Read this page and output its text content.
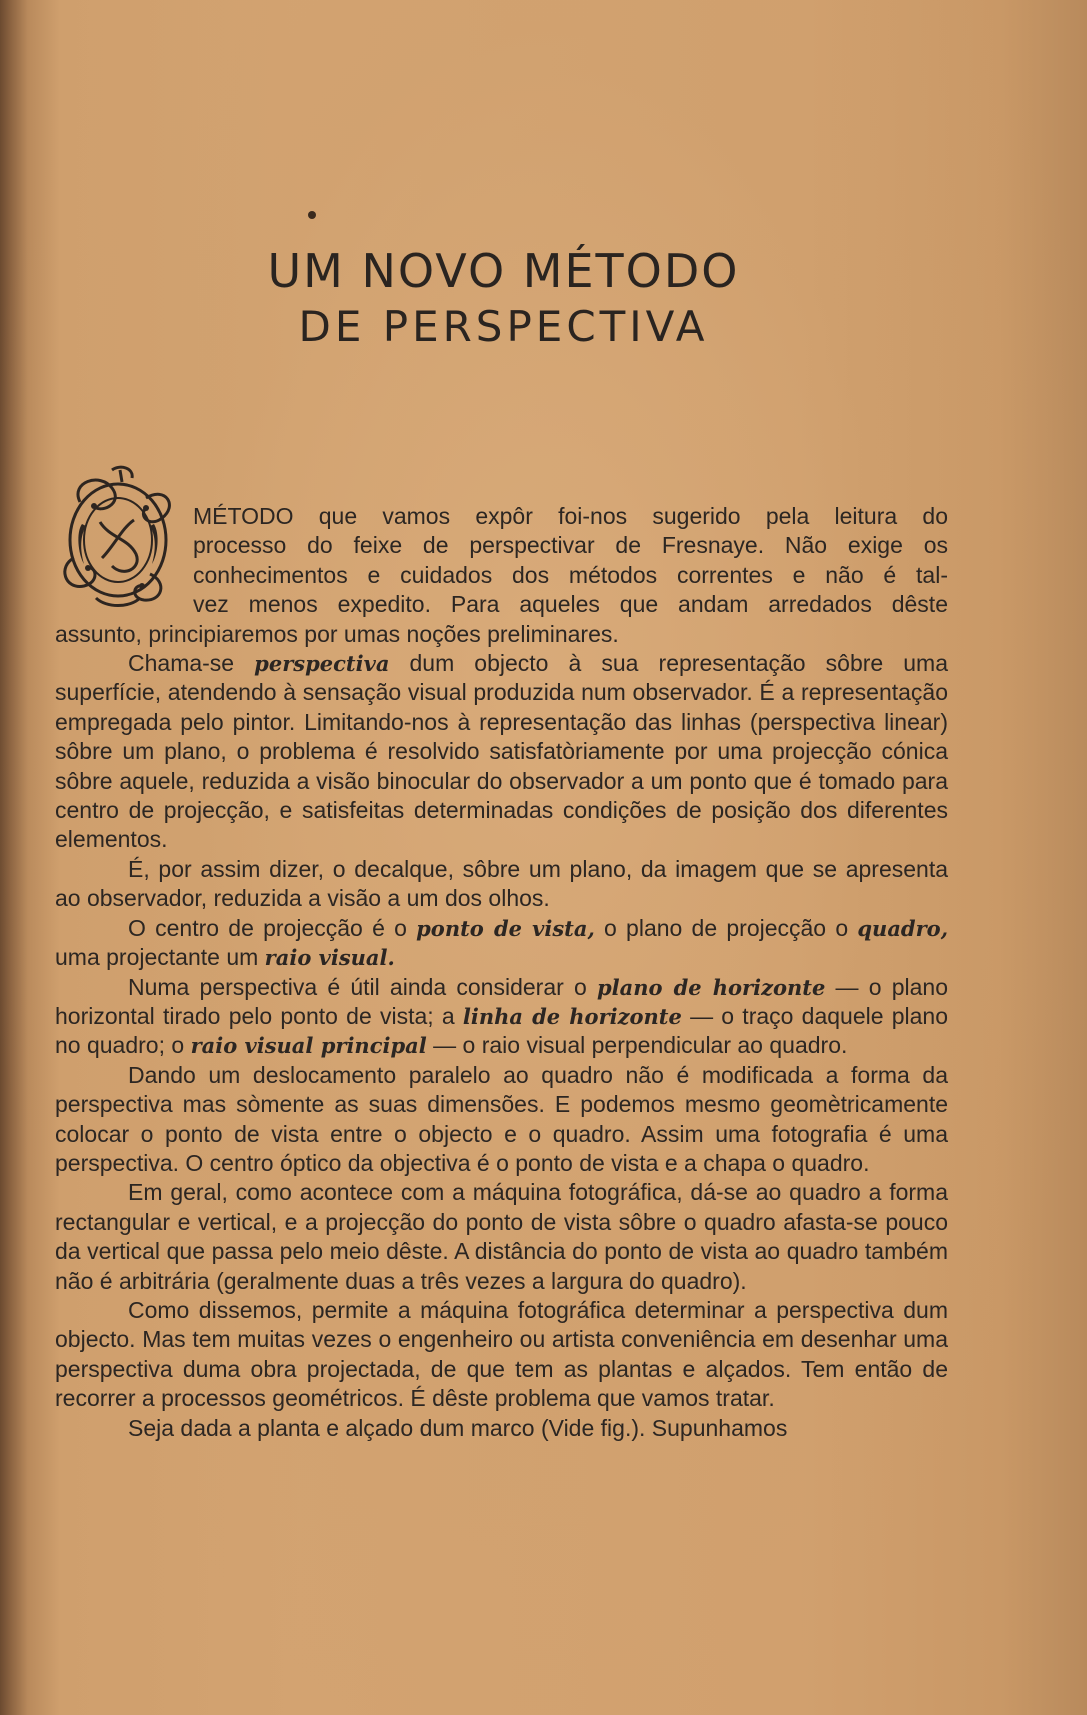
UM NOVO MÉTODO
DE PERSPECTIVA

MÉTODO que vamos expôr foi-nos sugerido pela leitura do
processo do feixe de perspectivar de Fresnaye. Não exige os
conhecimentos e cuidados dos métodos correntes e não é tal-
vez menos expedito. Para aqueles que andam arredados dêste
assunto, principiaremos por umas noções preliminares.

Chama-se perspectiva dum objecto à sua representação sôbre uma superfície, atendendo à sensação visual produzida num observador. É a representação empregada pelo pintor. Limitando-nos à representação das linhas (perspectiva linear) sôbre um plano, o problema é resolvido satisfatòriamente por uma projecção cónica sôbre aquele, reduzida a visão binocular do observador a um ponto que é tomado para centro de projecção, e satisfeitas determinadas condições de posição dos diferentes elementos.

É, por assim dizer, o decalque, sôbre um plano, da imagem que se apresenta ao observador, reduzida a visão a um dos olhos.

O centro de projecção é o ponto de vista, o plano de projecção o quadro, uma projectante um raio visual.

Numa perspectiva é útil ainda considerar o plano de horizonte — o plano horizontal tirado pelo ponto de vista; a linha de horizonte — o traço daquele plano no quadro; o raio visual principal — o raio visual perpendicular ao quadro.

Dando um deslocamento paralelo ao quadro não é modificada a forma da perspectiva mas sòmente as suas dimensões. E podemos mesmo geomètricamente colocar o ponto de vista entre o objecto e o quadro. Assim uma fotografia é uma perspectiva. O centro óptico da objectiva é o ponto de vista e a chapa o quadro.

Em geral, como acontece com a máquina fotográfica, dá-se ao quadro a forma rectangular e vertical, e a projecção do ponto de vista sôbre o quadro afasta-se pouco da vertical que passa pelo meio dêste. A distância do ponto de vista ao quadro também não é arbitrária (geralmente duas a três vezes a largura do quadro).

Como dissemos, permite a máquina fotográfica determinar a perspectiva dum objecto. Mas tem muitas vezes o engenheiro ou artista conveniência em desenhar uma perspectiva duma obra projectada, de que tem as plantas e alçados. Tem então de recorrer a processos geométricos. É dêste problema que vamos tratar.

Seja dada a planta e alçado dum marco (Vide fig.). Supunhamos
